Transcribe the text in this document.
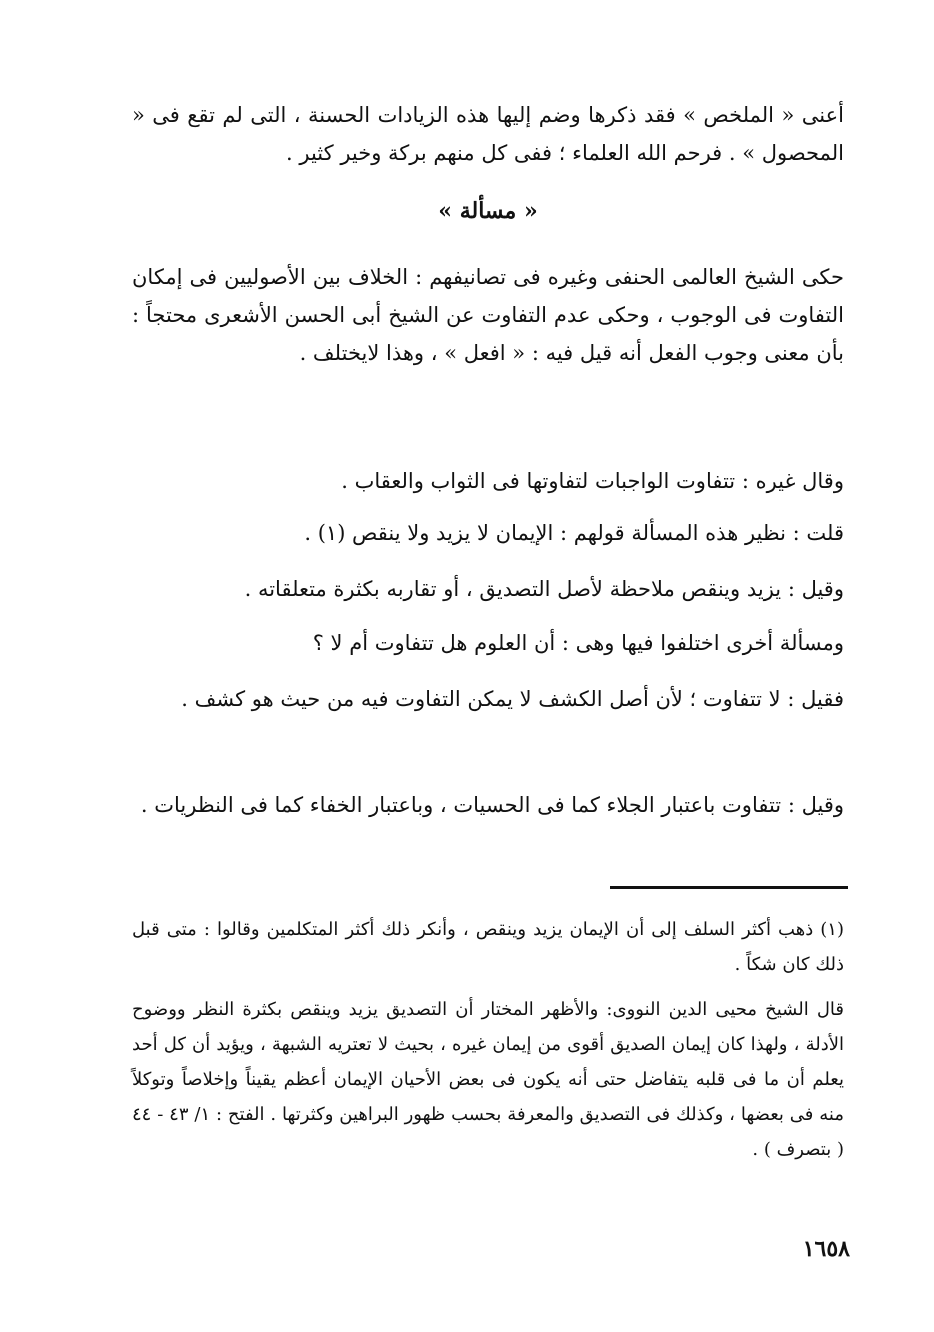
أعنى « الملخص » فقد ذكرها وضم إليها هذه الزيادات الحسنة ، التى لم تقع فى « المحصول » . فرحم الله العلماء ؛ ففى كل منهم بركة وخير كثير .

« مسألة »

حكى الشيخ العالمى الحنفى وغيره فى تصانيفهم : الخلاف بين الأصوليين فى إمكان التفاوت فى الوجوب ، وحكى عدم التفاوت عن الشيخ أبى الحسن الأشعرى محتجاً : بأن معنى وجوب الفعل أنه قيل فيه : « افعل » ، وهذا لايختلف .

وقال غيره : تتفاوت الواجبات لتفاوتها فى الثواب والعقاب .

قلت : نظير هذه المسألة قولهم : الإيمان لا يزيد ولا ينقص (١) .

وقيل : يزيد وينقص ملاحظة لأصل التصديق ، أو تقاربه بكثرة متعلقاته .

ومسألة أخرى اختلفوا فيها وهى : أن العلوم هل تتفاوت أم لا ؟

فقيل : لا تتفاوت ؛ لأن أصل الكشف لا يمكن التفاوت فيه من حيث هو كشف .

وقيل : تتفاوت باعتبار الجلاء كما فى الحسيات ، وباعتبار الخفاء كما فى النظريات .

(١) ذهب أكثر السلف إلى أن الإيمان يزيد وينقص ، وأنكر ذلك أكثر المتكلمين وقالوا : متى قبل ذلك كان شكاً .

قال الشيخ محيى الدين النووى: والأظهر المختار أن التصديق يزيد وينقص بكثرة النظر ووضوح الأدلة ، ولهذا كان إيمان الصديق أقوى من إيمان غيره ، بحيث لا تعتريه الشبهة ، ويؤيد أن كل أحد يعلم أن ما فى قلبه يتفاضل حتى أنه يكون فى بعض الأحيان الإيمان أعظم يقيناً وإخلاصاً وتوكلاً منه فى بعضها ، وكذلك فى التصديق والمعرفة بحسب ظهور البراهين وكثرتها . الفتح : ١/ ٤٣ - ٤٤ ( بتصرف ) .

١٦٥٨
